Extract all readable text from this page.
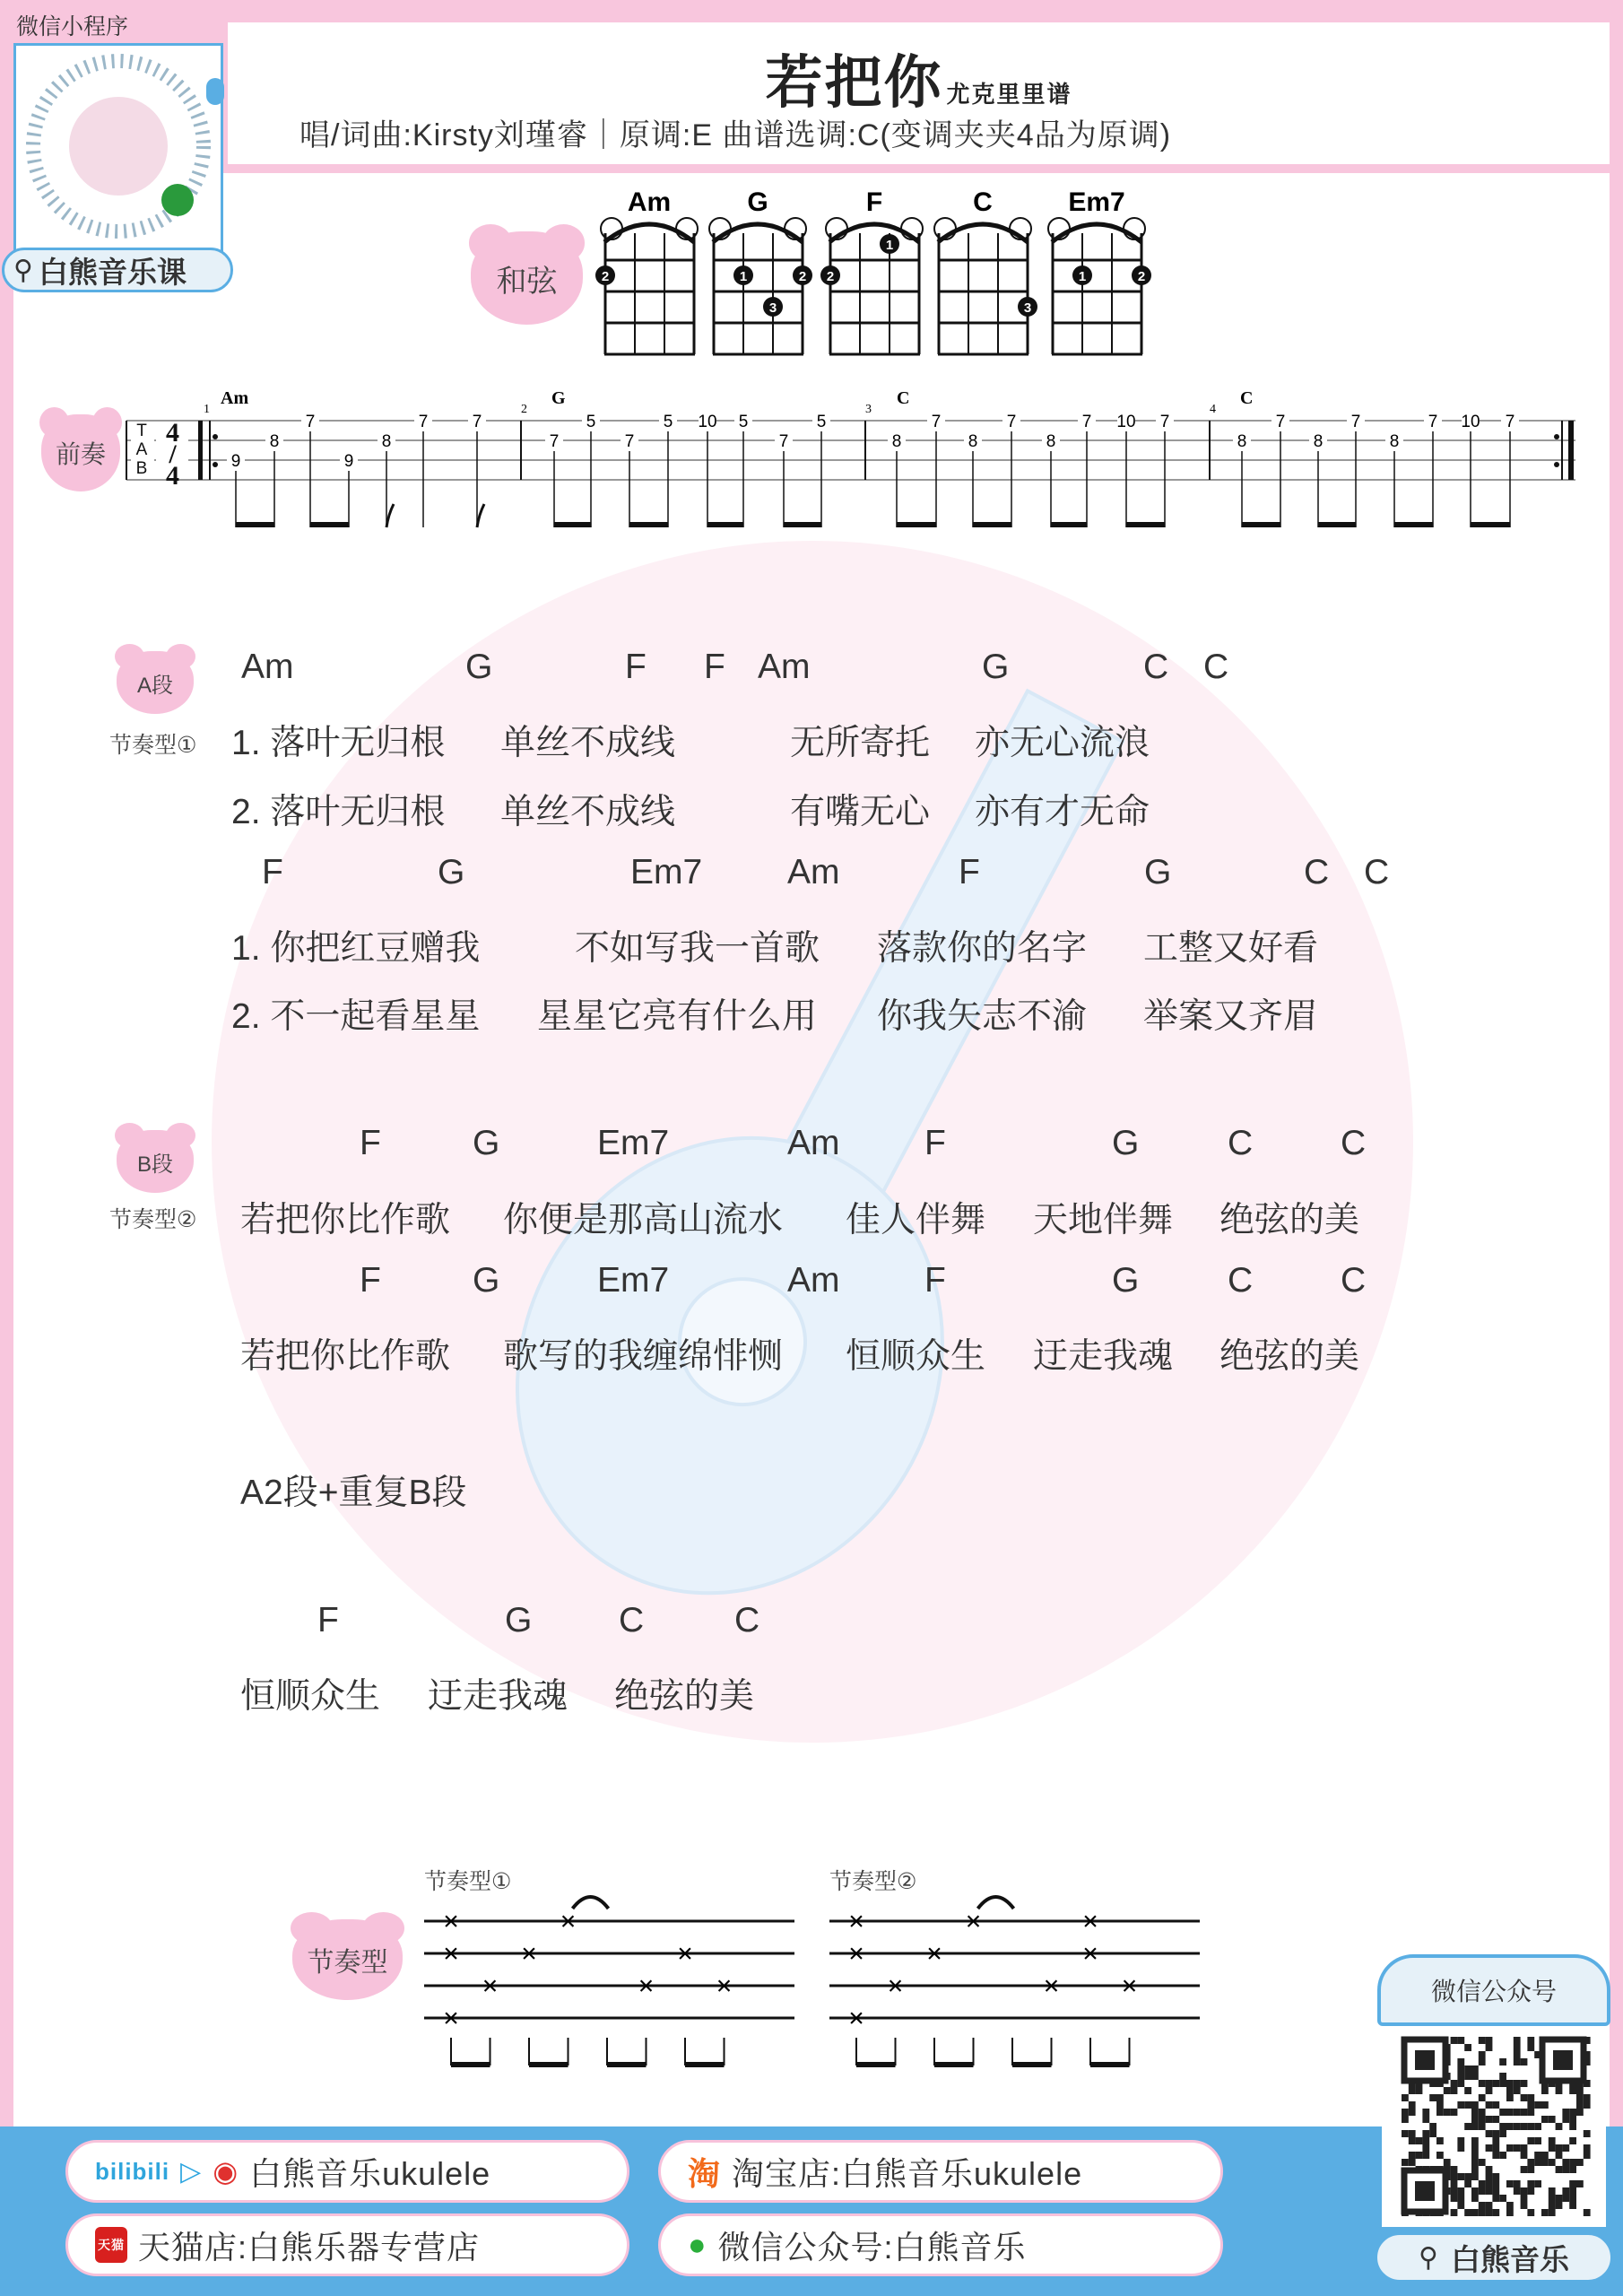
微信小程序
⚲ 白熊音乐课
若把你 尤克里里谱
唱/词曲:Kirsty刘瑾睿｜原调:E 曲谱选调:C(变调夹夹4品为原调)
和弦
Am
2
G
1	2
3
F
1
2
C
3
Em7
1	2
前奏
1
Am
9
8
7
9
8
7	7
2
G
7
5
7
5 10 5
7
5
3
C
8
7
8
7
8
7 10 7
4
C
8
7
8
7
8
7 10 7
TAB 4/4
A段
节奏型①
B段
节奏型②
Am	G	F F Am	G	C C
1. 落叶无归根 单丝不成线	无所寄托 亦无心流浪
2. 落叶无归根 单丝不成线	有嘴无心 亦有才无命
F	G	Em7 Am	F	G	C C
1. 你把红豆赠我	不如写我一首歌 落款你的名字 工整又好看
2. 不一起看星星 星星它亮有什么用 你我矢志不渝 举案又齐眉
F	G	Em7	Am F	G	C	C
若把你比作歌 你便是那高山流水 佳人伴舞 天地伴舞 绝弦的美
F	G	Em7	Am F	G	C	C
若把你比作歌 歌写的我缠绵悱恻 恒顺众生 迂走我魂 绝弦的美
A2段+重复B段
F	G C	C
恒顺众生 迂走我魂 绝弦的美
节奏型
节奏型①
×	×
× ×	×
×	× ×
×
节奏型②
×	×	×
× ×	×
×	× ×
×
bilibili ▷ ◉ 白熊音乐ukulele	淘 淘宝店:白熊音乐ukulele
天猫 天猫店:白熊乐器专营店	● 微信公众号:白熊音乐
微信公众号
⚲ 白熊音乐
